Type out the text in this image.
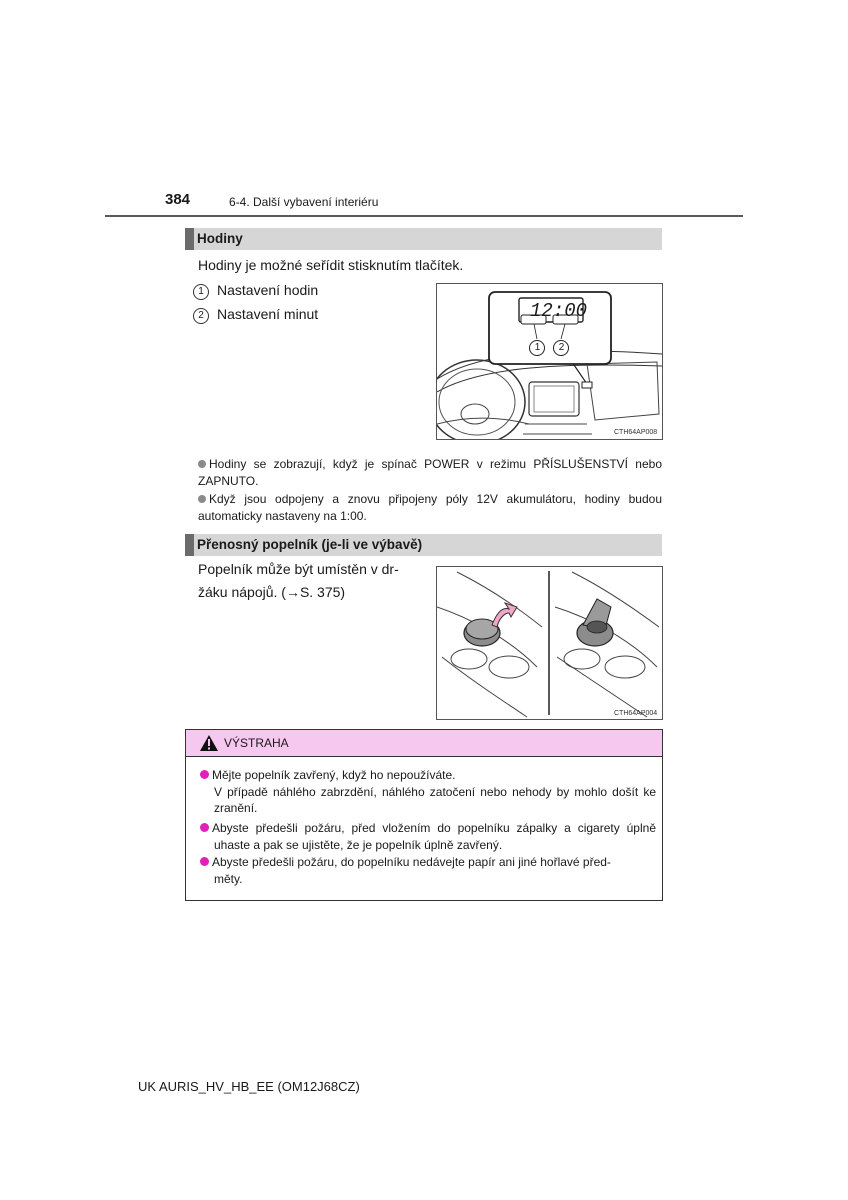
384	6-4. Další vybavení interiéru
Hodiny
Hodiny je možné seřídit stisknutím tlačítek.
1 Nastavení hodin
2 Nastavení minut	12:00
1 2
CTH64AP008
Hodiny se zobrazují, když je spínač POWER v režimu PŘÍSLUŠENSTVÍ nebo ZAPNUTO.
Když jsou odpojeny a znovu připojeny póly 12V akumulátoru, hodiny budou automaticky nastaveny na 1:00.
Přenosný popelník (je-li ve výbavě)
Popelník může být umístěn v dr-
žáku nápojů. (→S. 375)
CTH64AP004
VÝSTRAHA
Mějte popelník zavřený, když ho nepoužíváte.
V případě náhlého zabrzdění, náhlého zatočení nebo nehody by mohlo došít ke zranění.
Abyste předešli požáru, před vložením do popelníku zápalky a cigarety úplně uhaste a pak se ujistěte, že je popelník úplně zavřený.
Abyste předešli požáru, do popelníku nedávejte papír ani jiné hořlavé před-
měty.
UK AURIS_HV_HB_EE (OM12J68CZ)
